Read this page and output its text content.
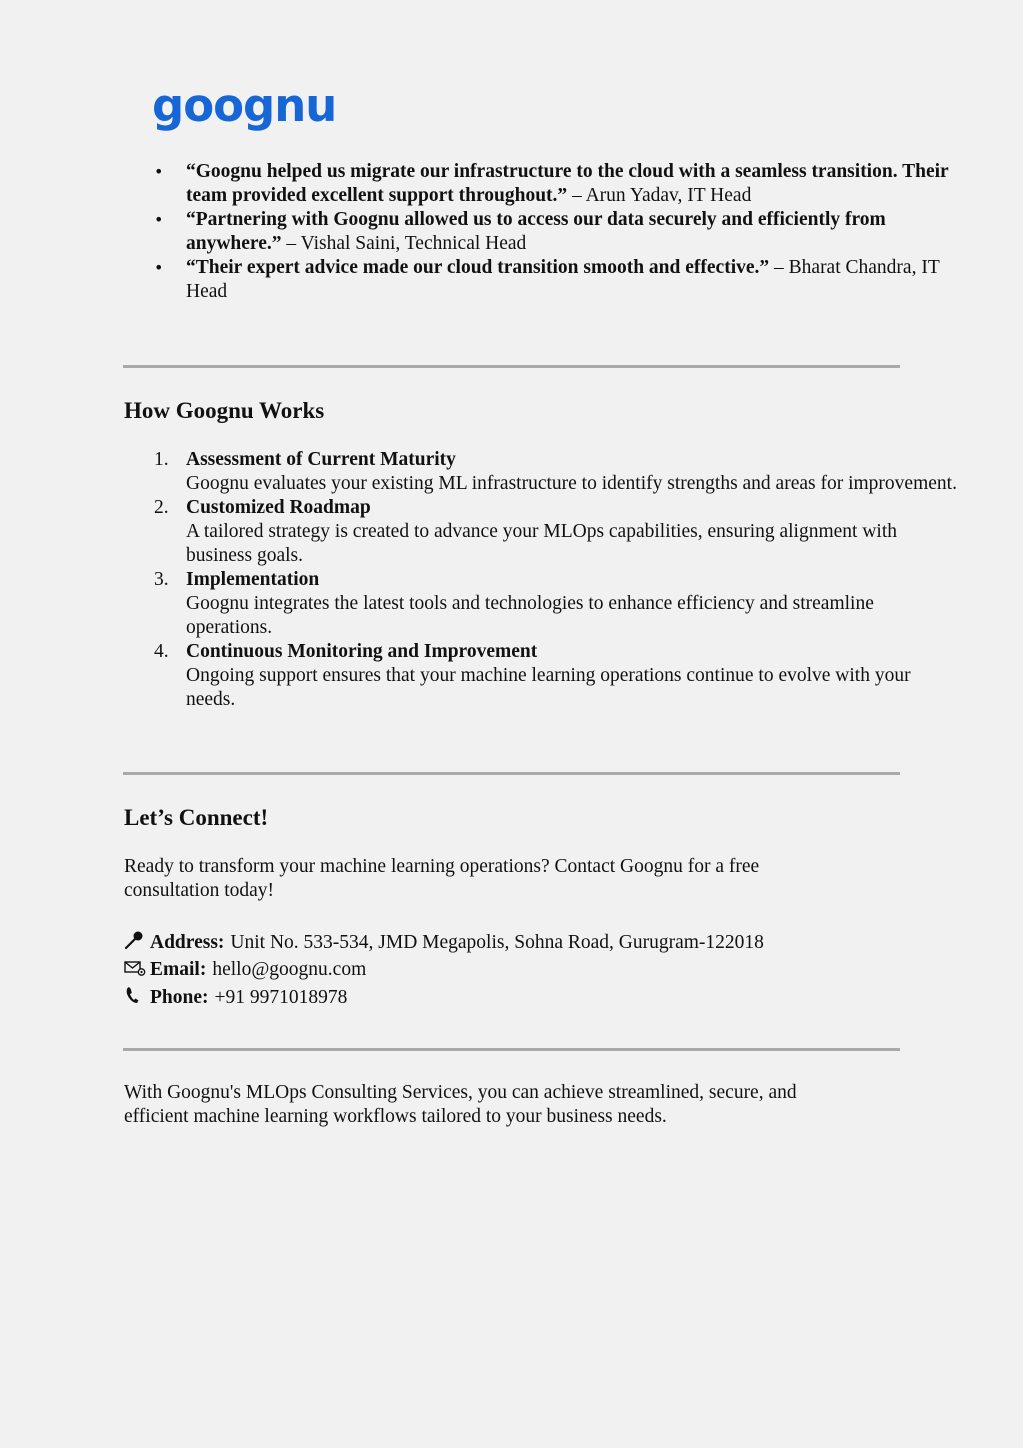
goognu
• “Goognu helped us migrate our infrastructure to the cloud with a seamless transition. Their team provided excellent support throughout.” – Arun Yadav, IT Head
• “Partnering with Goognu allowed us to access our data securely and efficiently from anywhere.” – Vishal Saini, Technical Head
• “Their expert advice made our cloud transition smooth and effective.” – Bharat Chandra, IT Head
How Goognu Works
1. Assessment of Current Maturity
Goognu evaluates your existing ML infrastructure to identify strengths and areas for improvement.
2. Customized Roadmap
A tailored strategy is created to advance your MLOps capabilities, ensuring alignment with business goals.
3. Implementation
Goognu integrates the latest tools and technologies to enhance efficiency and streamline operations.
4. Continuous Monitoring and Improvement
Ongoing support ensures that your machine learning operations continue to evolve with your needs.
Let’s Connect!

Ready to transform your machine learning operations? Contact Goognu for a free consultation today!

Address: Unit No. 533-534, JMD Megapolis, Sohna Road, Gurugram-122018
Email: hello@goognu.com
Phone: +91 9971018978

With Goognu's MLOps Consulting Services, you can achieve streamlined, secure, and efficient machine learning workflows tailored to your business needs.
